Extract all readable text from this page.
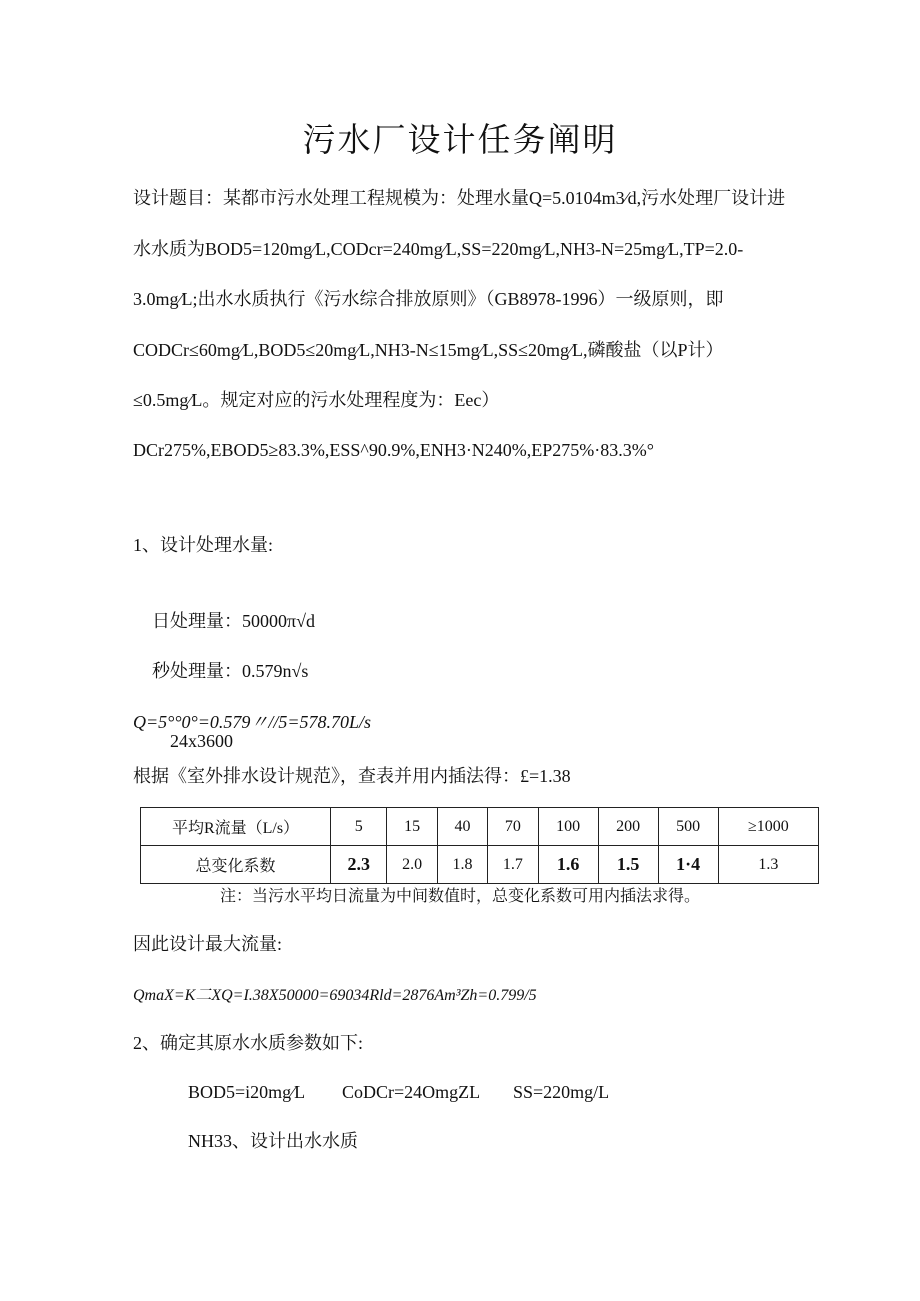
污水厂设计任务阐明
设计题目：某都市污水处理工程规模为：处理水量Q=5.0104m3⁄d,污水处理厂设计进
水水质为BOD5=120mg⁄L,CODcr=240mg⁄L,SS=220mg⁄L,NH3-N=25mg⁄L,TP=2.0-
3.0mg⁄L;出水水质执行《污水综合排放原则》（GB8978-1996）一级原则，即
CODCr≤60mg⁄L,BOD5≤20mg⁄L,NH3-N≤15mg⁄L,SS≤20mg⁄L,磷酸盐（以P计）
≤0.5mg⁄L。规定对应的污水处理程度为：Eec）
DCr275%,EBOD5≥83.3%,ESS^90.9%,ENH3·N240%,EP275%·83.3%°
1、设计处理水量:
日处理量：50000π√d
秒处理量：0.579n√s
Q=5°°0°=0.579〃//5=578.70L/s
24x3600
根据《室外排水设计规范》，查表并用内插法得：£=1.38
平均R流量（L/s）	5	15	40	70	100	200	500	≥1000
总变化系数	2.3	2.0	1.8	1.7	1.6	1.5	1·4	1.3
注：当污水平均日流量为中间数值时，总变化系数可用内插法求得。
因此设计最大流量:
QmaX=K二XQ=I.38X50000=69034Rld=2876Am³Zh=0.799/5
2、确定其原水水质参数如下:
BOD5=i20mg⁄L CoDCr=24OmgZL SS=220mg/L
NH33、设计出水水质
